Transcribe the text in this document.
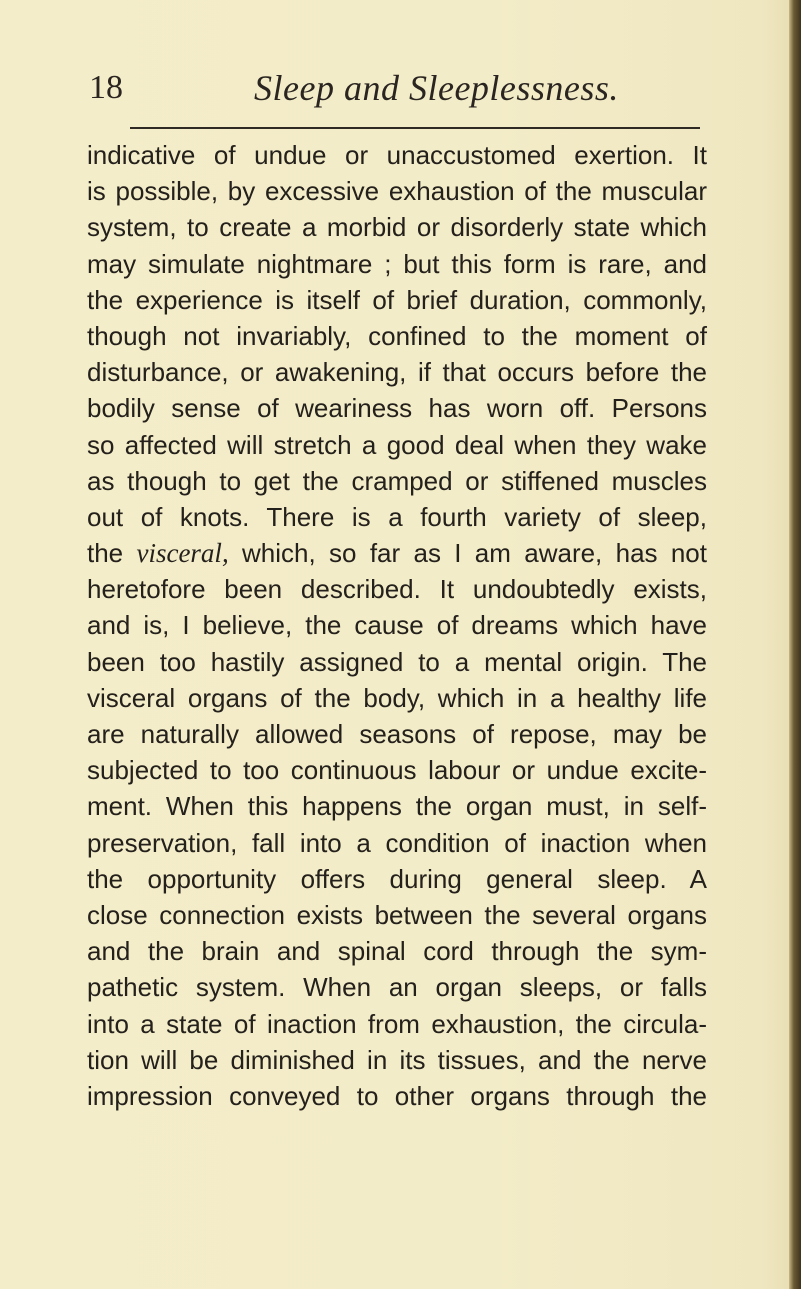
18	Sleep and Sleeplessness.
indicative of undue or unaccustomed exertion. It
is possible, by excessive exhaustion of the muscular
system, to create a morbid or disorderly state which
may simulate nightmare ; but this form is rare, and
the experience is itself of brief duration, commonly,
though not invariably, confined to the moment of
disturbance, or awakening, if that occurs before the
bodily sense of weariness has worn off. Persons
so affected will stretch a good deal when they wake
as though to get the cramped or stiffened muscles
out of knots. There is a fourth variety of sleep,
the visceral, which, so far as I am aware, has not
heretofore been described. It undoubtedly exists,
and is, I believe, the cause of dreams which have
been too hastily assigned to a mental origin. The
visceral organs of the body, which in a healthy life
are naturally allowed seasons of repose, may be
subjected to too continuous labour or undue excite-
ment. When this happens the organ must, in self-
preservation, fall into a condition of inaction when
the opportunity offers during general sleep. A
close connection exists between the several organs
and the brain and spinal cord through the sym-
pathetic system. When an organ sleeps, or falls
into a state of inaction from exhaustion, the circula-
tion will be diminished in its tissues, and the nerve
impression conveyed to other organs through the
